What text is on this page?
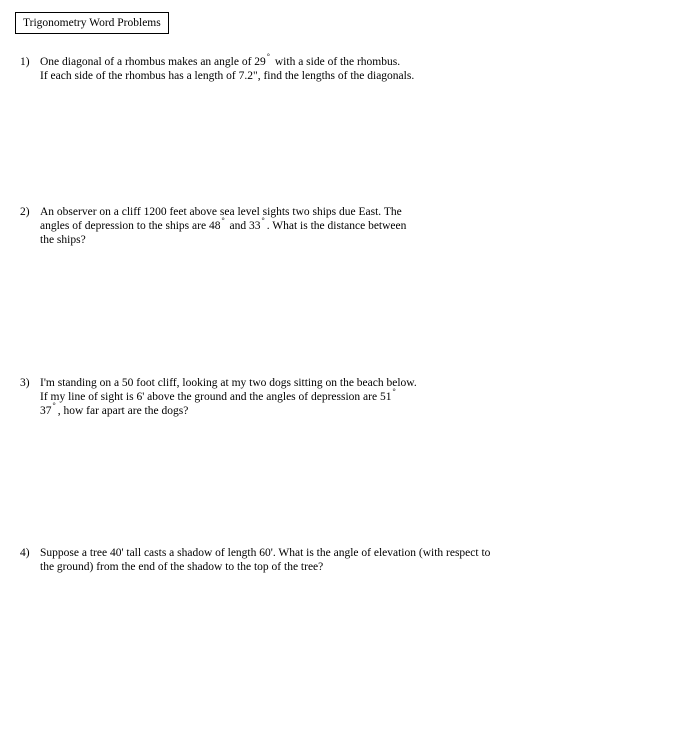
Trigonometry Word Problems
1) One diagonal of a rhombus makes an angle of 29° with a side of the rhombus.
If each side of the rhombus has a length of 7.2", find the lengths of the diagonals.
2) An observer on a cliff 1200 feet above sea level sights two ships due East. The
angles of depression to the ships are 48° and 33° . What is the distance between
the ships?
3) I'm standing on a 50 foot cliff, looking at my two dogs sitting on the beach below.
If my line of sight is 6' above the ground and the angles of depression are 51°
37° , how far apart are the dogs?
4) Suppose a tree 40' tall casts a shadow of length 60'. What is the angle of elevation (with respect to
the ground) from the end of the shadow to the top of the tree?
